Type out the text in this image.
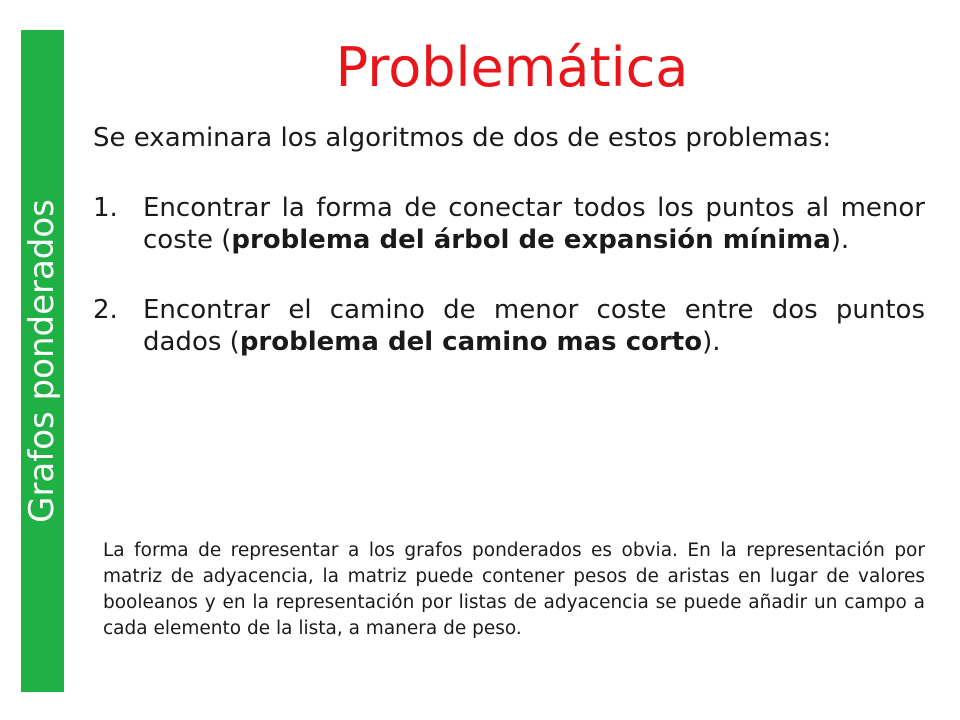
Grafos ponderados
Problemática

Se examinara los algoritmos de dos de estos problemas:

1. Encontrar la forma de conectar todos los puntos al menor coste (problema del árbol de expansión mínima).
2. Encontrar el camino de menor coste entre dos puntos dados (problema del camino mas corto).

La forma de representar a los grafos ponderados es obvia. En la representación por matriz de adyacencia, la matriz puede contener pesos de aristas en lugar de valores booleanos y en la representación por listas de adyacencia se puede añadir un campo a cada elemento de la lista, a manera de peso.
